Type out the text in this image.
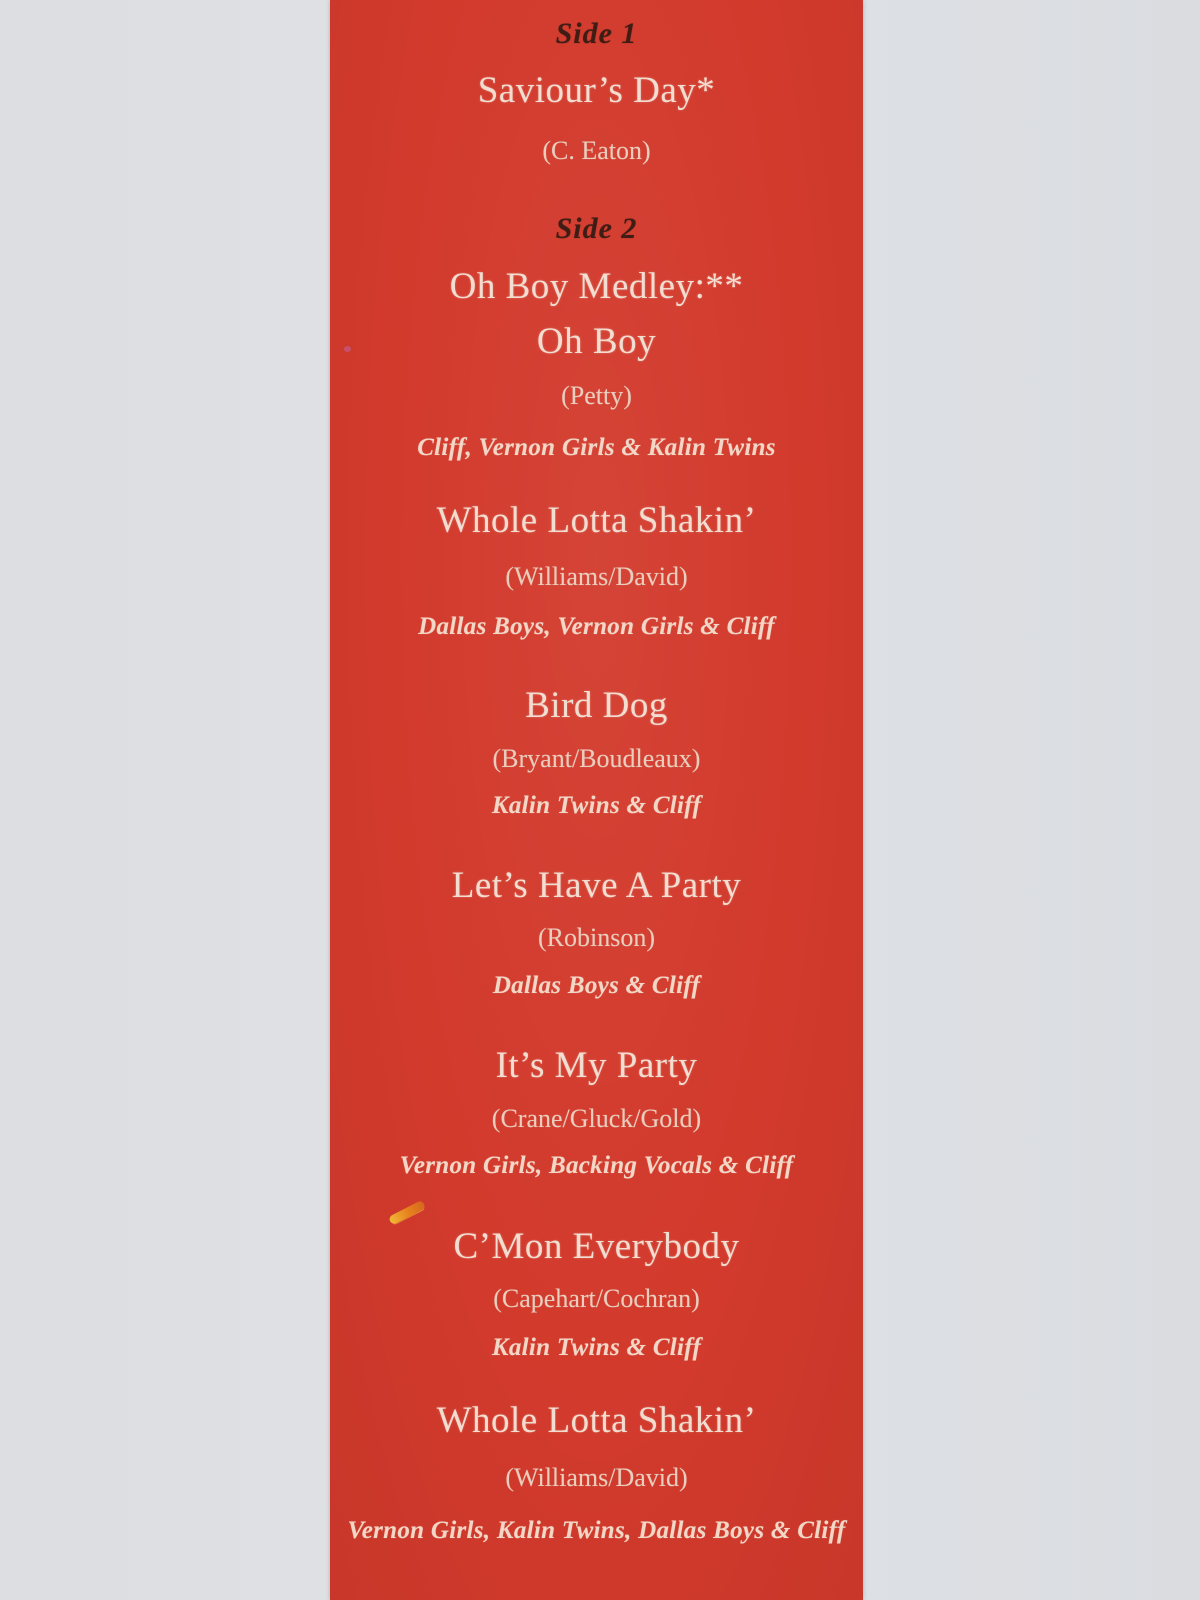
Side 1
Saviour’s Day*
(C. Eaton)
Side 2
Oh Boy Medley:**
Oh Boy
(Petty)
Cliff, Vernon Girls & Kalin Twins
Whole Lotta Shakin’
(Williams/David)
Dallas Boys, Vernon Girls & Cliff
Bird Dog
(Bryant/Boudleaux)
Kalin Twins & Cliff
Let’s Have A Party
(Robinson)
Dallas Boys & Cliff
It’s My Party
(Crane/Gluck/Gold)
Vernon Girls, Backing Vocals & Cliff
C’Mon Everybody
(Capehart/Cochran)
Kalin Twins & Cliff
Whole Lotta Shakin’
(Williams/David)
Vernon Girls, Kalin Twins, Dallas Boys & Cliff
